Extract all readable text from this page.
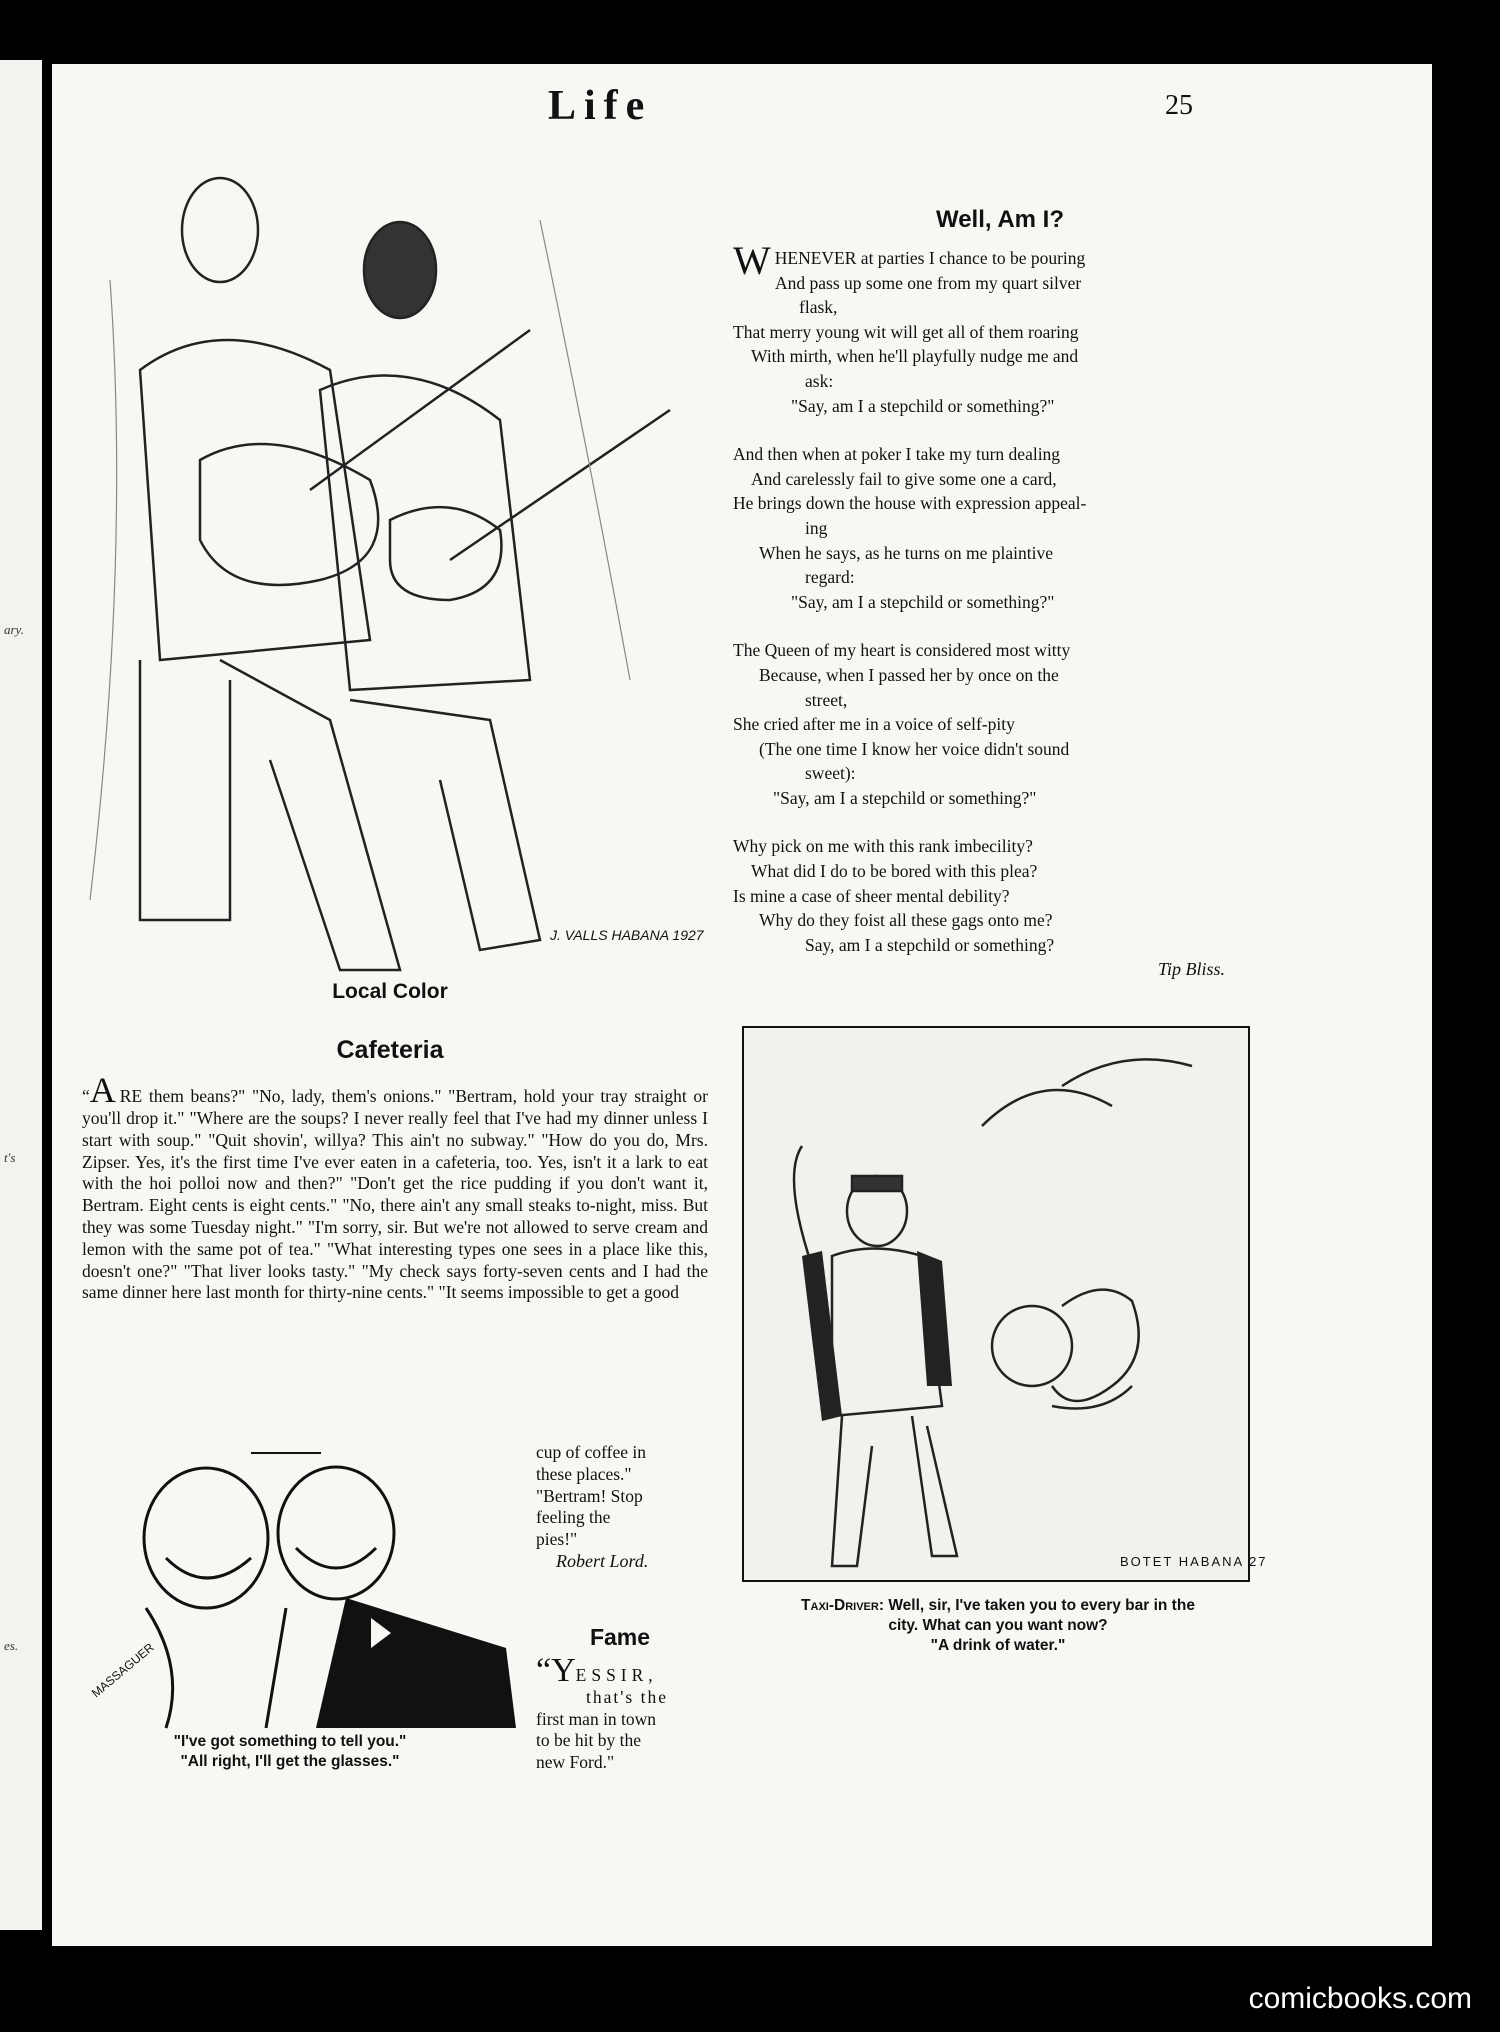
ary.
t's
es.
Life	25
J. VALLS HABANA 1927
Local Color
Well, Am I?
WHENEVER at parties I chance to be pouring
And pass up some one from my quart silver
flask,
That merry young wit will get all of them roaring
With mirth, when he'll playfully nudge me and
ask:
"Say, am I a stepchild or something?"
And then when at poker I take my turn dealing
And carelessly fail to give some one a card,
He brings down the house with expression appeal-
ing
When he says, as he turns on me plaintive
regard:
"Say, am I a stepchild or something?"
The Queen of my heart is considered most witty
Because, when I passed her by once on the
street,
She cried after me in a voice of self-pity
(The one time I know her voice didn't sound
sweet):
"Say, am I a stepchild or something?"
Why pick on me with this rank imbecility?
What did I do to be bored with this plea?
Is mine a case of sheer mental debility?
Why do they foist all these gags onto me?
Say, am I a stepchild or something?
Tip Bliss.
Cafeteria
“A RE them beans?" "No, lady, them's onions." "Bertram, hold your tray straight or you'll drop it." "Where are the soups? I never really feel that I've had my dinner unless I start with soup." "Quit shovin', willya? This ain't no subway." "How do you do, Mrs. Zipser. Yes, it's the first time I've ever eaten in a cafeteria, too. Yes, isn't it a lark to eat with the hoi polloi now and then?" "Don't get the rice pudding if you don't want it, Bertram. Eight cents is eight cents." "No, there ain't any small steaks to-night, miss. But they was some Tuesday night." "I'm sorry, sir. But we're not allowed to serve cream and lemon with the same pot of tea." "What interesting types one sees in a place like this, doesn't one?" "That liver looks tasty." "My check says forty-seven cents and I had the same dinner here last month for thirty-nine cents." "It seems impossible to get a good
cup of coffee in
these places."
"Bertram! Stop
feeling the
pies!"
Robert Lord.
MASSAGUER
"I've got something to tell you."
"All right, I'll get the glasses."
Fame
“YESSIR,
that's the
first man in town
to be hit by the
new Ford."
BOTET HABANA 27
Taxi-Driver: Well, sir, I've taken you to every bar in the
city. What can you want now?
"A drink of water."
comicbooks.com
